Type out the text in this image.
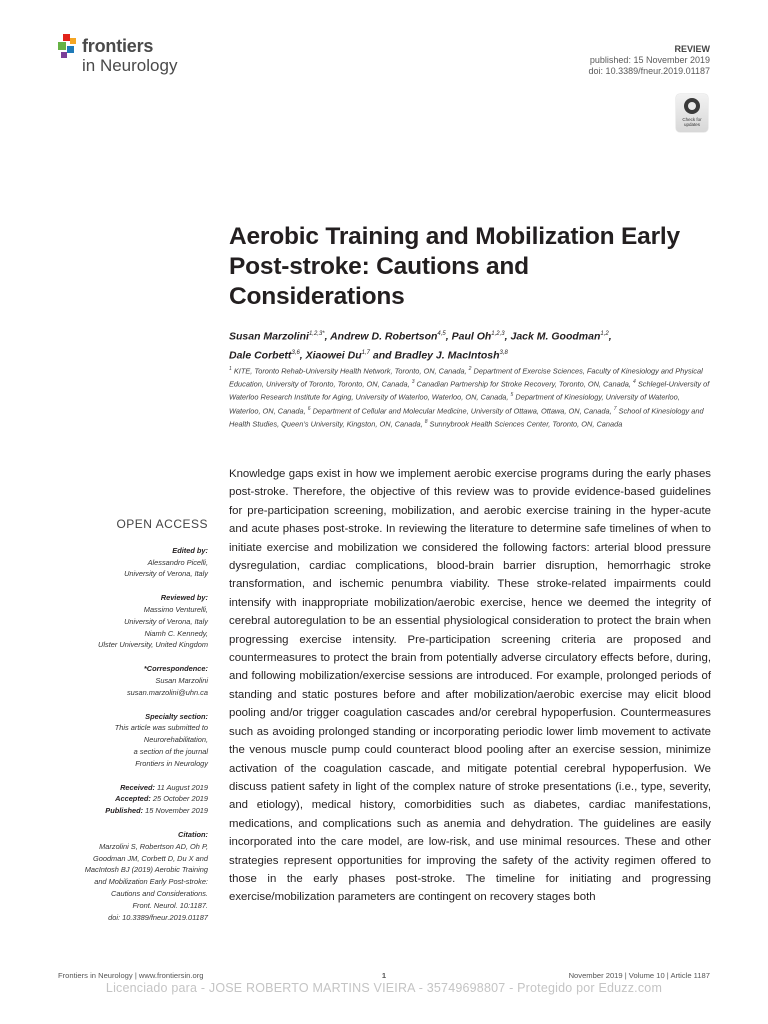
frontiers
in Neurology
REVIEW
published: 15 November 2019
doi: 10.3389/fneur.2019.01187
Check for updates
Aerobic Training and Mobilization Early Post-stroke: Cautions and Considerations
Susan Marzolini$^{1,2,3*}$, Andrew D. Robertson$^{4,5}$, Paul Oh$^{1,2,3}$, Jack M. Goodman$^{1,2}$,
Dale Corbett$^{3,6}$, Xiaowei Du$^{1,7}$ and Bradley J. MacIntosh$^{3,8}$
$^1$ KITE, Toronto Rehab-University Health Network, Toronto, ON, Canada, $^2$ Department of Exercise Sciences, Faculty of Kinesiology and Physical Education, University of Toronto, Toronto, ON, Canada, $^3$ Canadian Partnership for Stroke Recovery, Toronto, ON, Canada, $^4$ Schlegel-University of Waterloo Research Institute for Aging, University of Waterloo, Waterloo, ON, Canada, $^5$ Department of Kinesiology, University of Waterloo, Waterloo, ON, Canada, $^6$ Department of Cellular and Molecular Medicine, University of Ottawa, Ottawa, ON, Canada, $^7$ School of Kinesiology and Health Studies, Queen’s University, Kingston, ON, Canada, $^8$ Sunnybrook Health Sciences Center, Toronto, ON, Canada
OPEN ACCESS
Edited by:
Alessandro Picelli,
University of Verona, Italy
Reviewed by:
Massimo Venturelli,
University of Verona, Italy
Niamh C. Kennedy,
Ulster University, United Kingdom
*Correspondence:
Susan Marzolini
susan.marzolini@uhn.ca
Specialty section:
This article was submitted to
Neurorehabilitation,
a section of the journal
Frontiers in Neurology
Received: 11 August 2019
Accepted: 25 October 2019
Published: 15 November 2019
Citation:
Marzolini S, Robertson AD, Oh P,
Goodman JM, Corbett D, Du X and
MacIntosh BJ (2019) Aerobic Training
and Mobilization Early Post-stroke:
Cautions and Considerations.
Front. Neurol. 10:1187.
doi: 10.3389/fneur.2019.01187
Knowledge gaps exist in how we implement aerobic exercise programs during the early phases post-stroke. Therefore, the objective of this review was to provide evidence-based guidelines for pre-participation screening, mobilization, and aerobic exercise training in the hyper-acute and acute phases post-stroke. In reviewing the literature to determine safe timelines of when to initiate exercise and mobilization we considered the following factors: arterial blood pressure dysregulation, cardiac complications, blood-brain barrier disruption, hemorrhagic stroke transformation, and ischemic penumbra viability. These stroke-related impairments could intensify with inappropriate mobilization/aerobic exercise, hence we deemed the integrity of cerebral autoregulation to be an essential physiological consideration to protect the brain when progressing exercise intensity. Pre-participation screening criteria are proposed and countermeasures to protect the brain from potentially adverse circulatory effects before, during, and following mobilization/exercise sessions are introduced. For example, prolonged periods of standing and static postures before and after mobilization/aerobic exercise may elicit blood pooling and/or trigger coagulation cascades and/or cerebral hypoperfusion. Countermeasures such as avoiding prolonged standing or incorporating periodic lower limb movement to activate the venous muscle pump could counteract blood pooling after an exercise session, minimize activation of the coagulation cascade, and mitigate potential cerebral hypoperfusion. We discuss patient safety in light of the complex nature of stroke presentations (i.e., type, severity, and etiology), medical history, comorbidities such as diabetes, cardiac manifestations, medications, and complications such as anemia and dehydration. The guidelines are easily incorporated into the care model, are low-risk, and use minimal resources. These and other strategies represent opportunities for improving the safety of the activity regimen offered to those in the early phases post-stroke. The timeline for initiating and progressing exercise/mobilization parameters are contingent on recovery stages both
Frontiers in Neurology | www.frontiersin.org	1	November 2019 | Volume 10 | Article 1187
Licenciado para - JOSE ROBERTO MARTINS VIEIRA - 35749698807 - Protegido por Eduzz.com
